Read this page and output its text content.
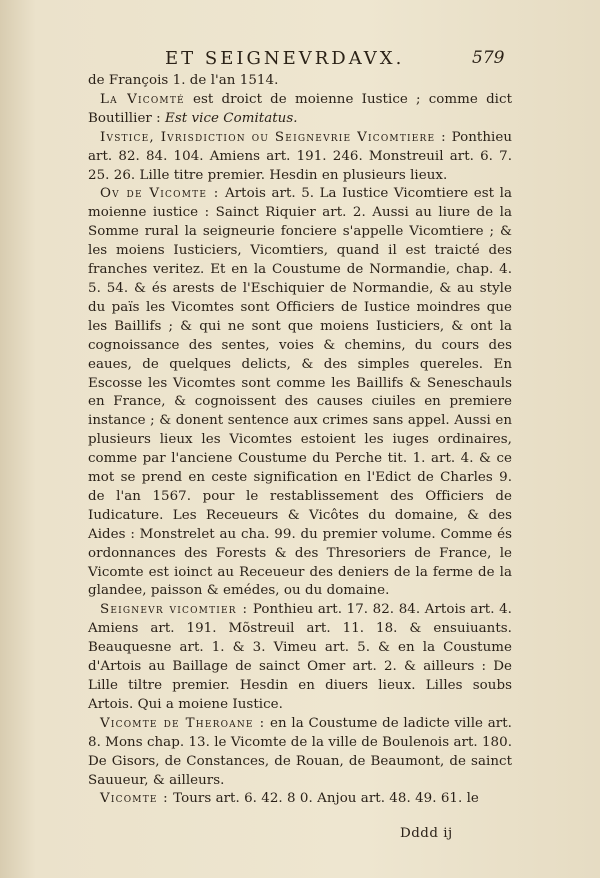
ET SEIGNEVRDAVX.	579

de François 1. de l'an 1514.

La Vicomté est droict de moienne Iustice ; comme dict Boutillier : Est vice Comitatus.

Ivstice, Ivrisdiction ou Seignevrie Vicomtiere : Ponthieu art. 82. 84. 104. Amiens art. 191. 246. Monstreuil art. 6. 7. 25. 26. Lille titre premier. Hesdin en plusieurs lieux.

Ov de Vicomte : Artois art. 5. La Iustice Vicomtiere est la moienne iustice : Sainct Riquier art. 2. Aussi au liure de la Somme rural la seigneurie fonciere s'appelle Vicomtiere ; & les moiens Iusticiers, Vicomtiers, quand il est traicté des franches veritez. Et en la Coustume de Normandie, chap. 4. 5. 54. & és arests de l'Eschiquier de Normandie, & au style du païs les Vicomtes sont Officiers de Iustice moindres que les Baillifs ; & qui ne sont que moiens Iusticiers, & ont la cognoissance des sentes, voies & chemins, du cours des eaues, de quelques delicts, & des simples quereles. En Escosse les Vicomtes sont comme les Baillifs & Seneschauls en France, & cognoissent des causes ciuiles en premiere instance ; & donent sentence aux crimes sans appel. Aussi en plusieurs lieux les Vicomtes estoient les iuges ordinaires, comme par l'anciene Coustume du Perche tit. 1. art. 4. & ce mot se prend en ceste signification en l'Edict de Charles 9. de l'an 1567. pour le restablissement des Officiers de Iudicature. Les Receueurs & Vicôtes du domaine, & des Aides : Monstrelet au cha. 99. du premier volume. Comme és ordonnances des Forests & des Thresoriers de France, le Vicomte est ioinct au Receueur des deniers de la ferme de la glandee, paisson & emédes, ou du domaine.

Seignevr vicomtier : Ponthieu art. 17. 82. 84. Artois art. 4. Amiens art. 191. Mõstreuil art. 11. 18. & ensuiuants. Beauquesne art. 1. & 3. Vimeu art. 5. & en la Coustume d'Artois au Baillage de sainct Omer art. 2. & ailleurs : De Lille tiltre premier. Hesdin en diuers lieux. Lilles soubs Artois. Qui a moiene Iustice.

Vicomte de Theroane : en la Coustume de ladicte ville art. 8. Mons chap. 13. le Vicomte de la ville de Boulenois art. 180. De Gisors, de Constances, de Rouan, de Beaumont, de sainct Sauueur, & ailleurs.

Vicomte : Tours art. 6. 42. 8 0. Anjou art. 48. 49. 61. le

Dddd ij
